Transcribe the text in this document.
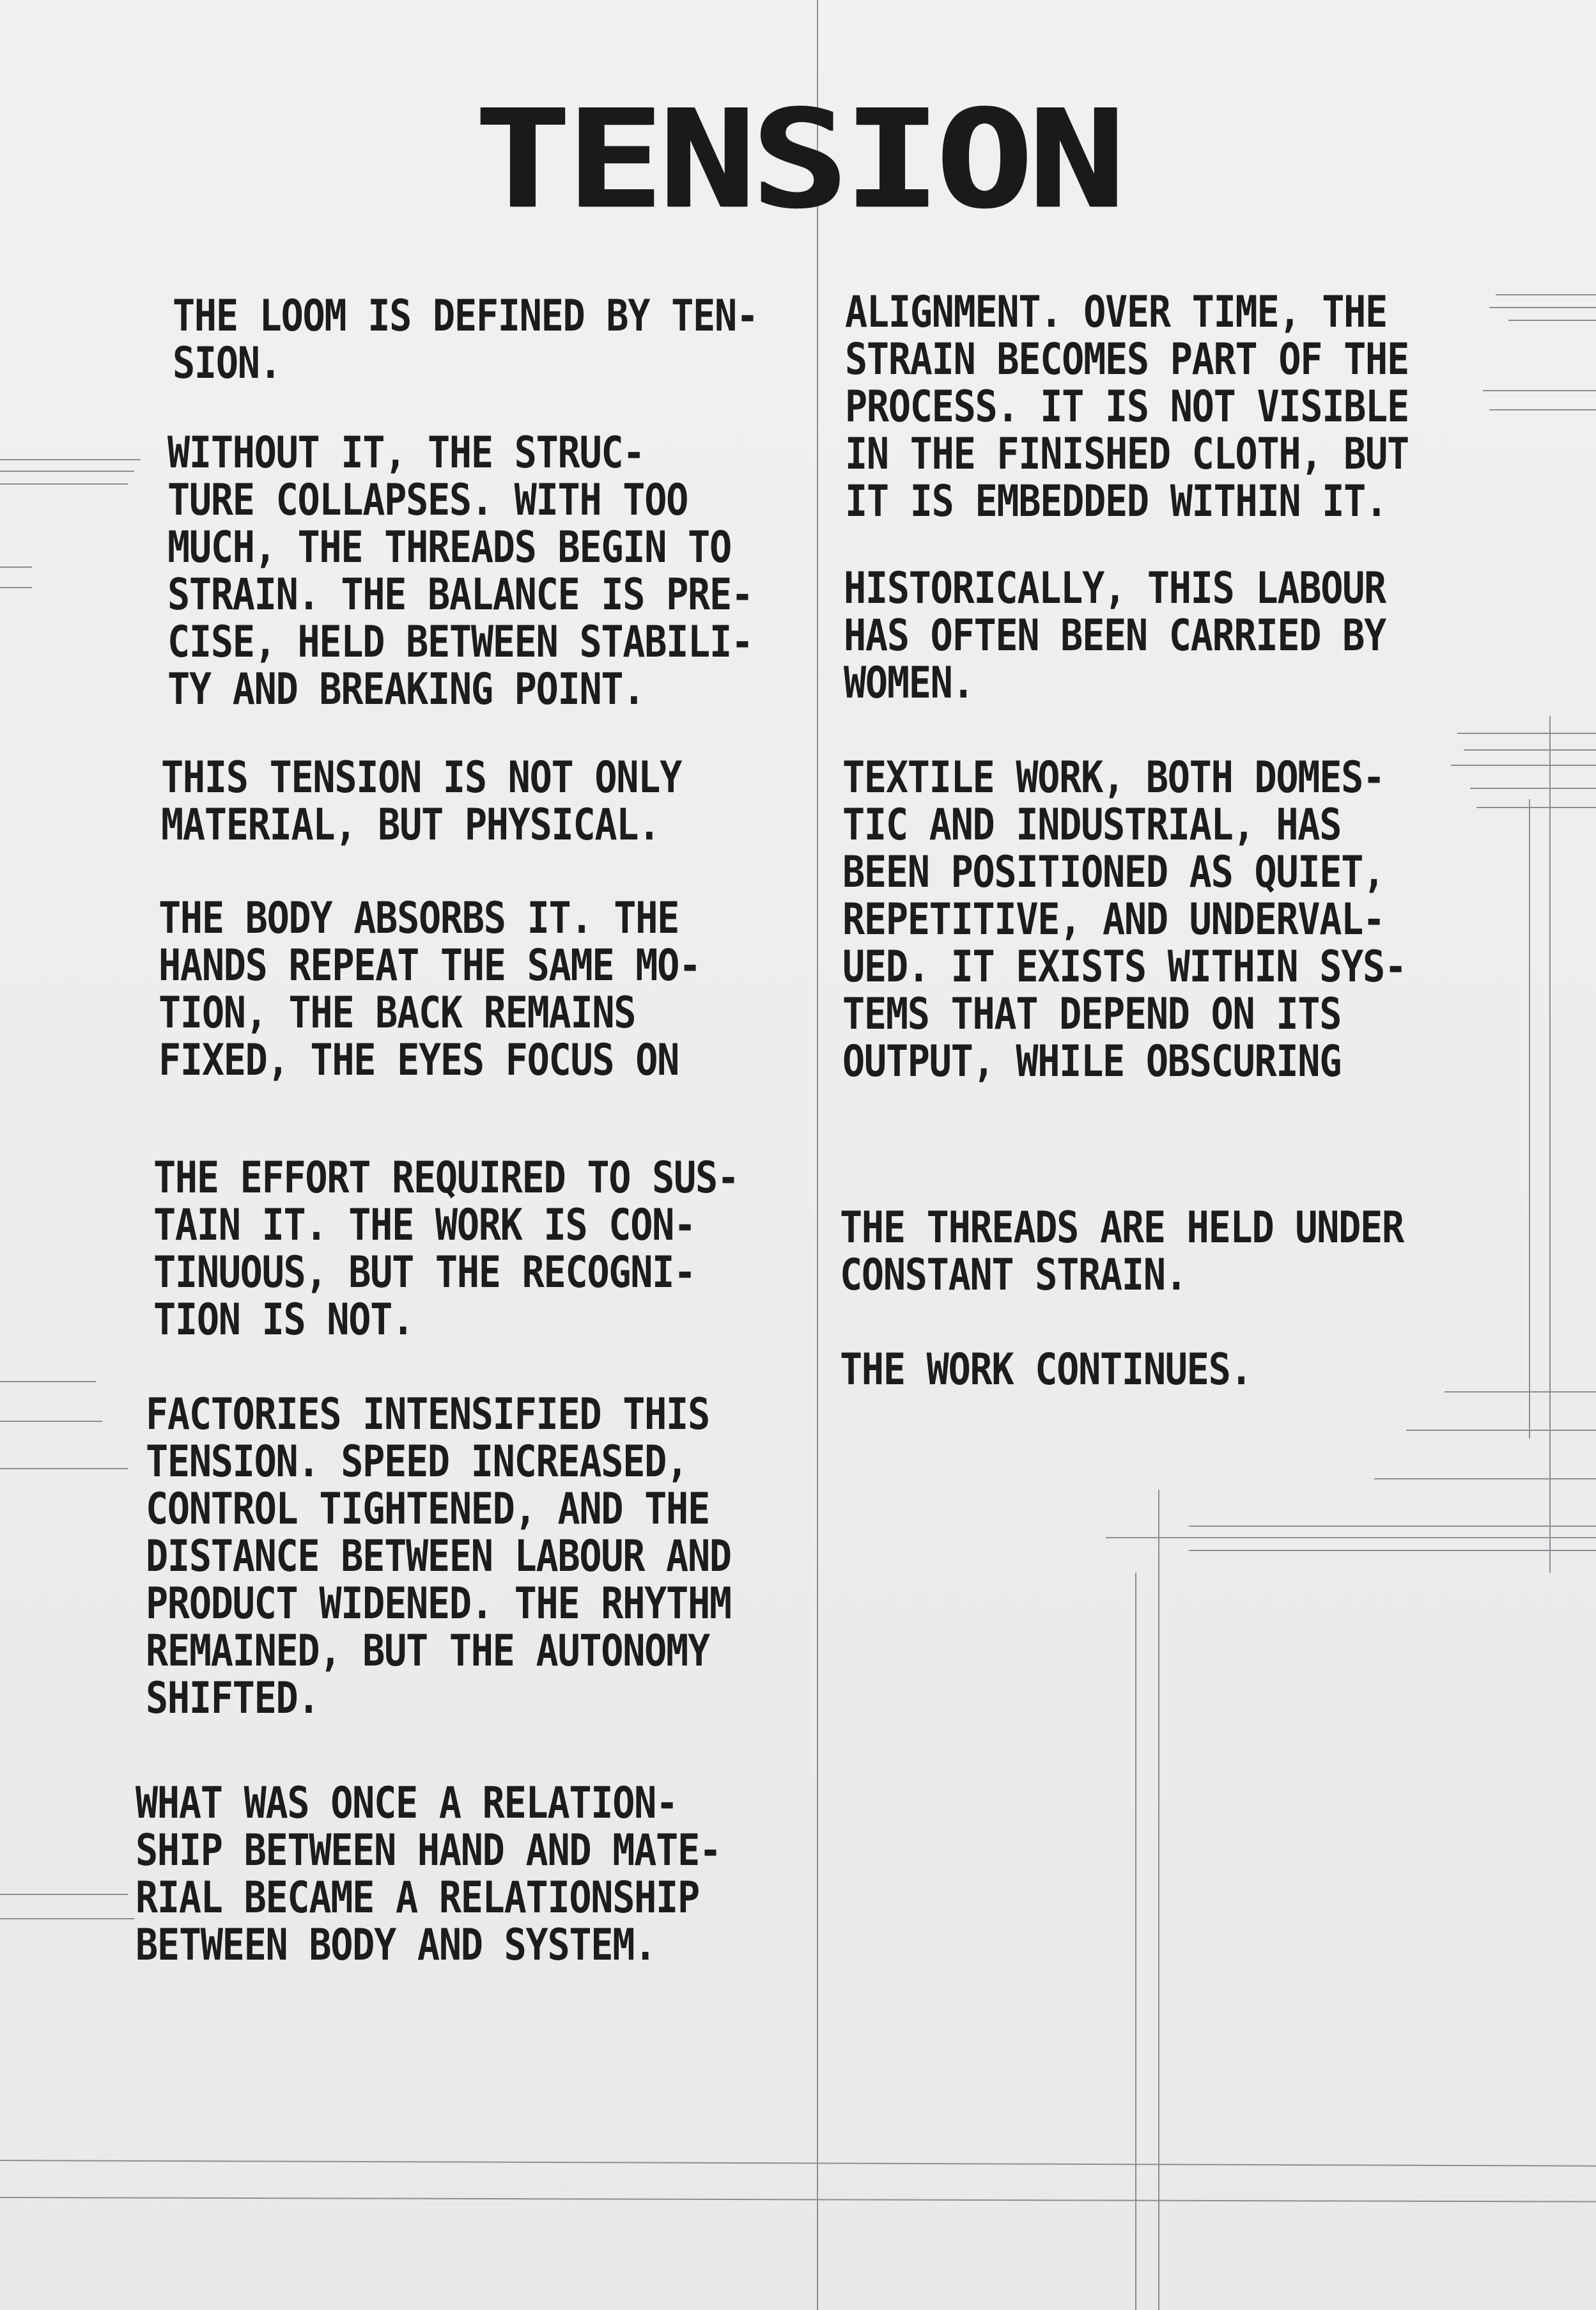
TENSION

THE LOOM IS DEFINED BY TEN-
SION.

WITHOUT IT, THE STRUC-
TURE COLLAPSES. WITH TOO
MUCH, THE THREADS BEGIN TO
STRAIN. THE BALANCE IS PRE-
CISE, HELD BETWEEN STABILI-
TY AND BREAKING POINT.

THIS TENSION IS NOT ONLY
MATERIAL, BUT PHYSICAL.

THE BODY ABSORBS IT. THE
HANDS REPEAT THE SAME MO-
TION, THE BACK REMAINS
FIXED, THE EYES FOCUS ON

THE EFFORT REQUIRED TO SUS-
TAIN IT. THE WORK IS CON-
TINUOUS, BUT THE RECOGNI-
TION IS NOT.

FACTORIES INTENSIFIED THIS
TENSION. SPEED INCREASED,
CONTROL TIGHTENED, AND THE
DISTANCE BETWEEN LABOUR AND
PRODUCT WIDENED. THE RHYTHM
REMAINED, BUT THE AUTONOMY
SHIFTED.

WHAT WAS ONCE A RELATION-
SHIP BETWEEN HAND AND MATE-
RIAL BECAME A RELATIONSHIP
BETWEEN BODY AND SYSTEM.

ALIGNMENT. OVER TIME, THE
STRAIN BECOMES PART OF THE
PROCESS. IT IS NOT VISIBLE
IN THE FINISHED CLOTH, BUT
IT IS EMBEDDED WITHIN IT.

HISTORICALLY, THIS LABOUR
HAS OFTEN BEEN CARRIED BY
WOMEN.

TEXTILE WORK, BOTH DOMES-
TIC AND INDUSTRIAL, HAS
BEEN POSITIONED AS QUIET,
REPETITIVE, AND UNDERVAL-
UED. IT EXISTS WITHIN SYS-
TEMS THAT DEPEND ON ITS
OUTPUT, WHILE OBSCURING

THE THREADS ARE HELD UNDER
CONSTANT STRAIN.

THE WORK CONTINUES.
